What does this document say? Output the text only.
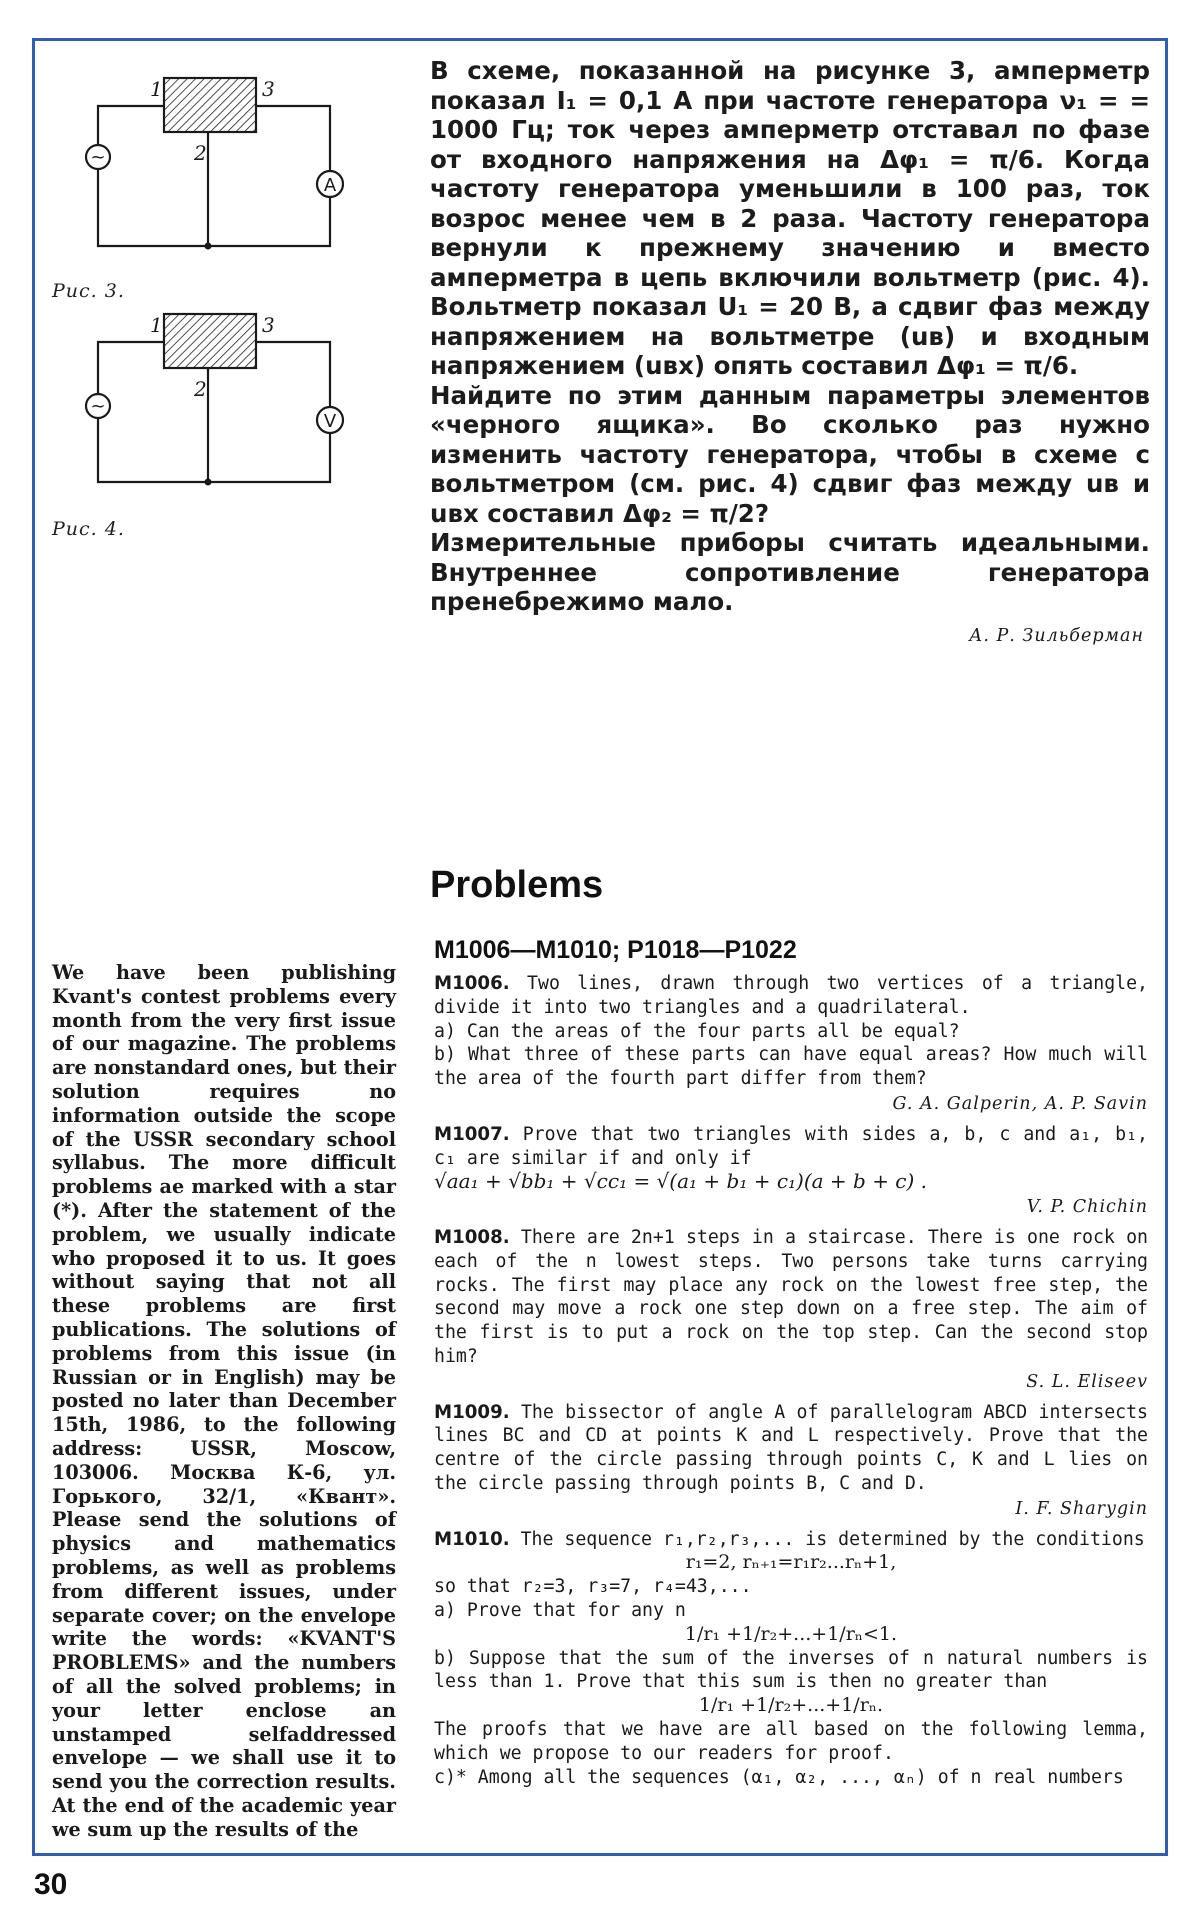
1
2
3
~
A
Рис. 3.
1
2
3
~
V
Рис. 4.

В схеме, показанной на рисунке 3, амперметр показал I₁ = 0,1 А при частоте генератора ν₁ = = 1000 Гц; ток через амперметр отставал по фазе от входного напряжения на Δφ₁ = π/6. Когда частоту генератора уменьшили в 100 раз, ток возрос менее чем в 2 раза. Частоту генератора вернули к прежнему значению и вместо амперметра в цепь включили вольтметр (рис. 4). Вольтметр показал U₁ = 20 В, а сдвиг фаз между напряжением на вольтметре (uв) и входным напряжением (uвх) опять составил Δφ₁ = π/6.

Найдите по этим данным параметры элементов «черного ящика». Во сколько раз нужно изменить частоту генератора, чтобы в схеме с вольтметром (см. рис. 4) сдвиг фаз между uв и uвх составил Δφ₂ = π/2?

Измерительные приборы считать идеальными. Внутреннее сопротивление генератора пренебрежимо мало.

А. Р. Зильберман
Problems
M1006—M1010; P1018—P1022
We have been publishing Kvant's contest problems every month from the very first issue of our magazine. The problems are nonstandard ones, but their solution requires no information outside the scope of the USSR secondary school syllabus. The more difficult problems ae marked with a star (*). After the statement of the problem, we usually indicate who proposed it to us. It goes without saying that not all these problems are first publications. The solutions of problems from this issue (in Russian or in English) may be posted no later than December 15th, 1986, to the following address: USSR, Moscow, 103006. Москва К-6, ул. Горького, 32/1, «Квант». Please send the solutions of physics and mathematics problems, as well as problems from different issues, under separate cover; on the envelope write the words: «KVANT'S PROBLEMS» and the numbers of all the solved problems; in your letter enclose an unstamped selfaddressed envelope — we shall use it to send you the correction results. At the end of the academic year we sum up the results of the

M1006. Two lines, drawn through two vertices of a triangle, divide it into two triangles and a quadrilateral.

a) Can the areas of the four parts all be equal?

b) What three of these parts can have equal areas? How much will the area of the fourth part differ from them?

G. A. Galperin, A. P. Savin

M1007. Prove that two triangles with sides a, b, c and a₁, b₁, c₁ are similar if and only if

√aa₁ + √bb₁ + √cc₁ = √(a₁ + b₁ + c₁)(a + b + c) .

V. P. Chichin

M1008. There are 2n+1 steps in a staircase. There is one rock on each of the n lowest steps. Two persons take turns carrying rocks. The first may place any rock on the lowest free step, the second may move a rock one step down on a free step. The aim of the first is to put a rock on the top step. Can the second stop him?

S. L. Eliseev

M1009. The bissector of angle A of parallelogram ABCD intersects lines BC and CD at points K and L respectively. Prove that the centre of the circle passing through points C, K and L lies on the circle passing through points B, C and D.

I. F. Sharygin

M1010. The sequence r₁,r₂,r₃,... is determined by the conditions

r₁=2, rₙ₊₁=r₁r₂...rₙ+1,

so that r₂=3, r₃=7, r₄=43,...

a) Prove that for any n

1/r₁ +1/r₂+...+1/rₙ<1.

b) Suppose that the sum of the inverses of n natural numbers is less than 1. Prove that this sum is then no greater than

1/r₁ +1/r₂+...+1/rₙ.

The proofs that we have are all based on the following lemma, which we propose to our readers for proof.

c)* Among all the sequences (α₁, α₂, ..., αₙ) of n real numbers

30
